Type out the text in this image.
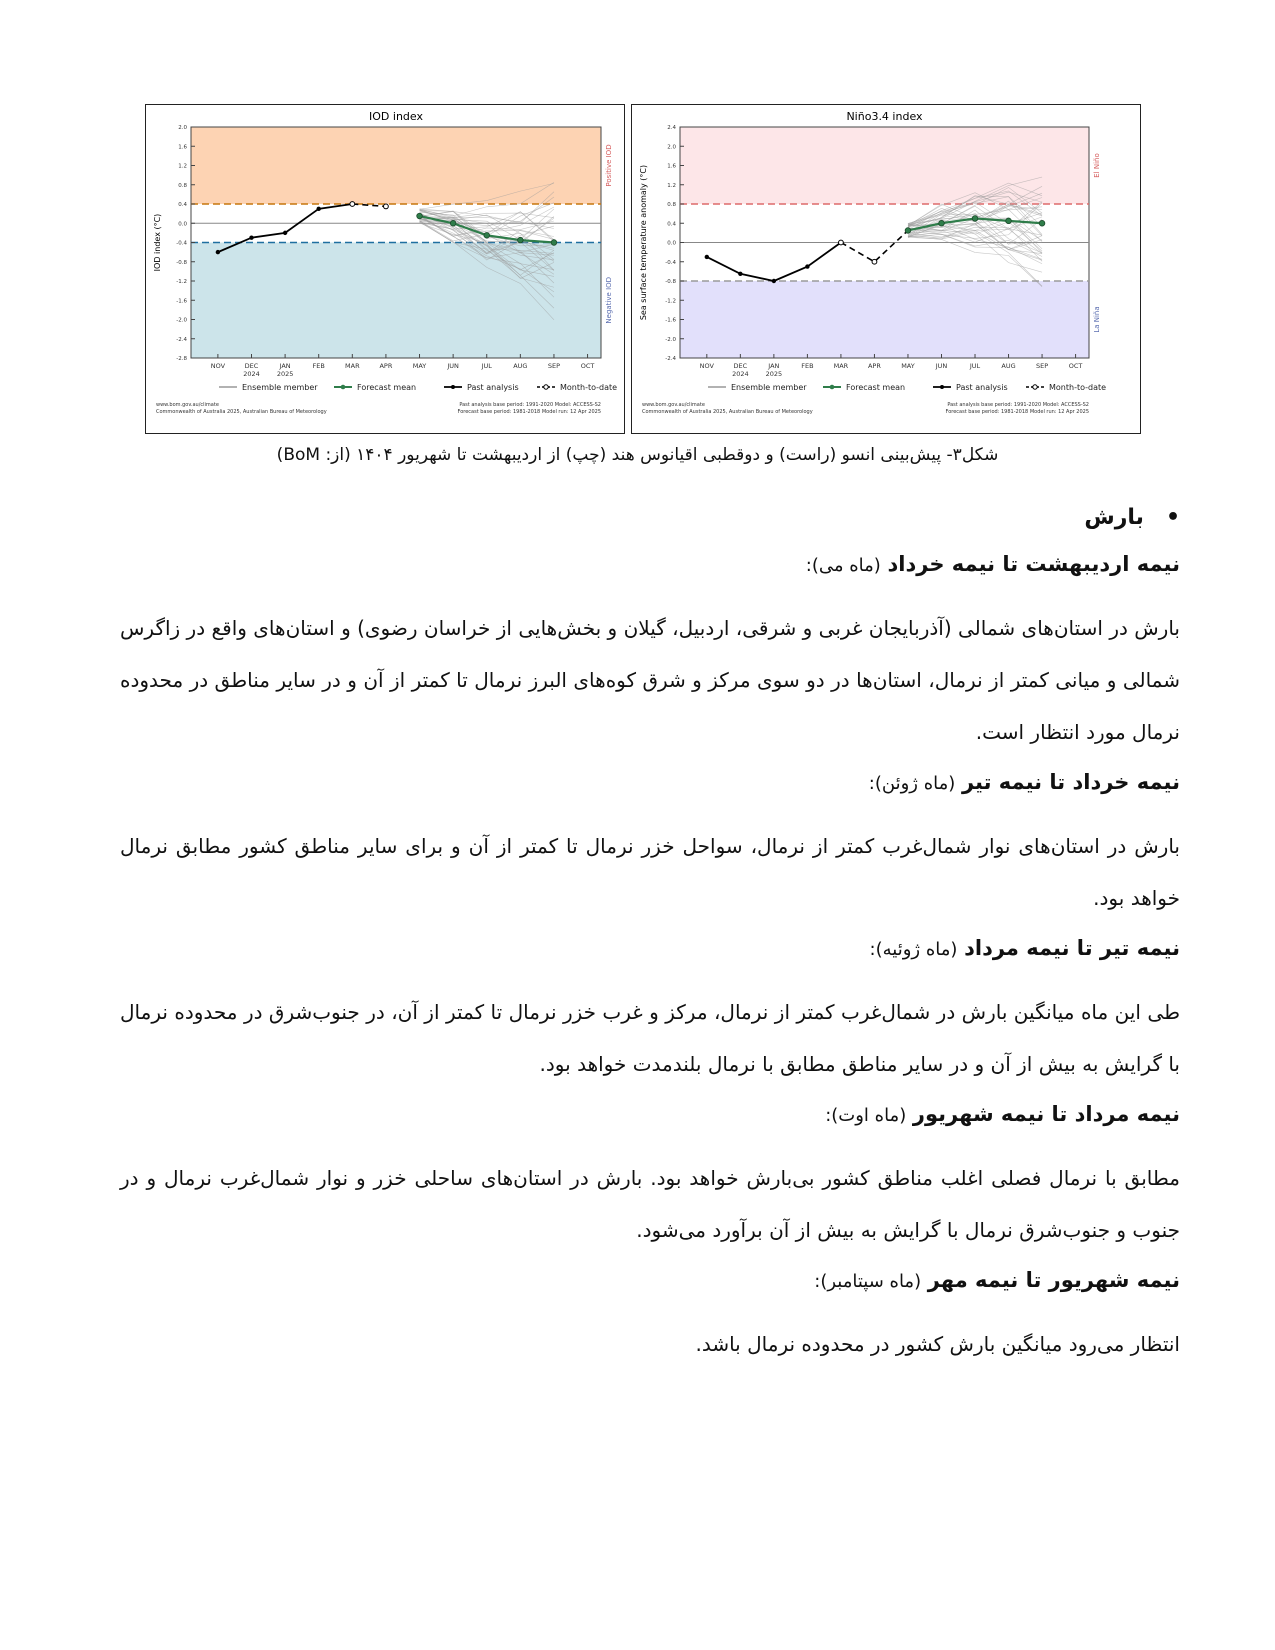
IOD index
IOD index (°C)
Positive IOD
Negative IOD
2.0
1.6
1.2
0.8
0.4
0.0
-0.4
-0.8
-1.2
-1.6
-2.0
-2.4
-2.8
NOV	DEC
2024
JAN
2025
FEB	MAR	APR	MAY	JUN	JUL	AUG	SEP	OCT
Ensemble member	Forecast mean	Past analysis	Month-to-date
www.bom.gov.au/climate
Commonwealth of Australia 2025, Australian Bureau of Meteorology
Past analysis base period: 1991-2020 Model: ACCESS-S2
Forecast base period: 1981-2018 Model run: 12 Apr 2025
Niño3.4 index
Sea surface temperature anomaly (°C)	El Niño
La Niña
2.4
2.0
1.6
1.2
0.8
0.4
0.0
-0.4
-0.8
-1.2
-1.6
-2.0
-2.4
NOV	DEC
2024
JAN
2025
FEB	MAR	APR	MAY	JUN	JUL	AUG	SEP	OCT
Ensemble member	Forecast mean	Past analysis	Month-to-date
www.bom.gov.au/climate
Commonwealth of Australia 2025, Australian Bureau of Meteorology
Past analysis base period: 1991-2020 Model: ACCESS-S2
Forecast base period: 1981-2018 Model run: 12 Apr 2025
شکل۳- پیش‌بینی انسو (راست) و دوقطبی اقیانوس هند (چپ) از اردیبهشت تا شهریور ۱۴۰۴ (از: BoM)
• بارش
نیمه اردیبهشت تا نیمه خرداد (ماه می):
بارش در استان‌های شمالی (آذربایجان غربی و شرقی، اردبیل، گیلان و بخش‌هایی از خراسان رضوی) و استان‌های واقع در زاگرس شمالی و میانی کمتر از نرمال، استان‌ها در دو سوی مرکز و شرق کوه‌های البرز نرمال تا کمتر از آن و در سایر مناطق در محدوده نرمال مورد انتظار است.
نیمه خرداد تا نیمه تیر (ماه ژوئن):
بارش در استان‌های نوار شمال‌غرب کمتر از نرمال، سواحل خزر نرمال تا کمتر از آن و برای سایر مناطق کشور مطابق نرمال خواهد بود.
نیمه تیر تا نیمه مرداد (ماه ژوئیه):
طی این ماه میانگین بارش در شمال‌غرب کمتر از نرمال، مرکز و غرب خزر نرمال تا کمتر از آن، در جنوب‌شرق در محدوده نرمال با گرایش به بیش از آن و در سایر مناطق مطابق با نرمال بلندمدت خواهد بود.
نیمه مرداد تا نیمه شهریور (ماه اوت):
مطابق با نرمال فصلی اغلب مناطق کشور بی‌بارش خواهد بود. بارش در استان‌های ساحلی خزر و نوار شمال‌غرب نرمال و در جنوب و جنوب‌شرق نرمال با گرایش به بیش از آن برآورد می‌شود.
نیمه شهریور تا نیمه مهر (ماه سپتامبر):
انتظار می‌رود میانگین بارش کشور در محدوده نرمال باشد.
